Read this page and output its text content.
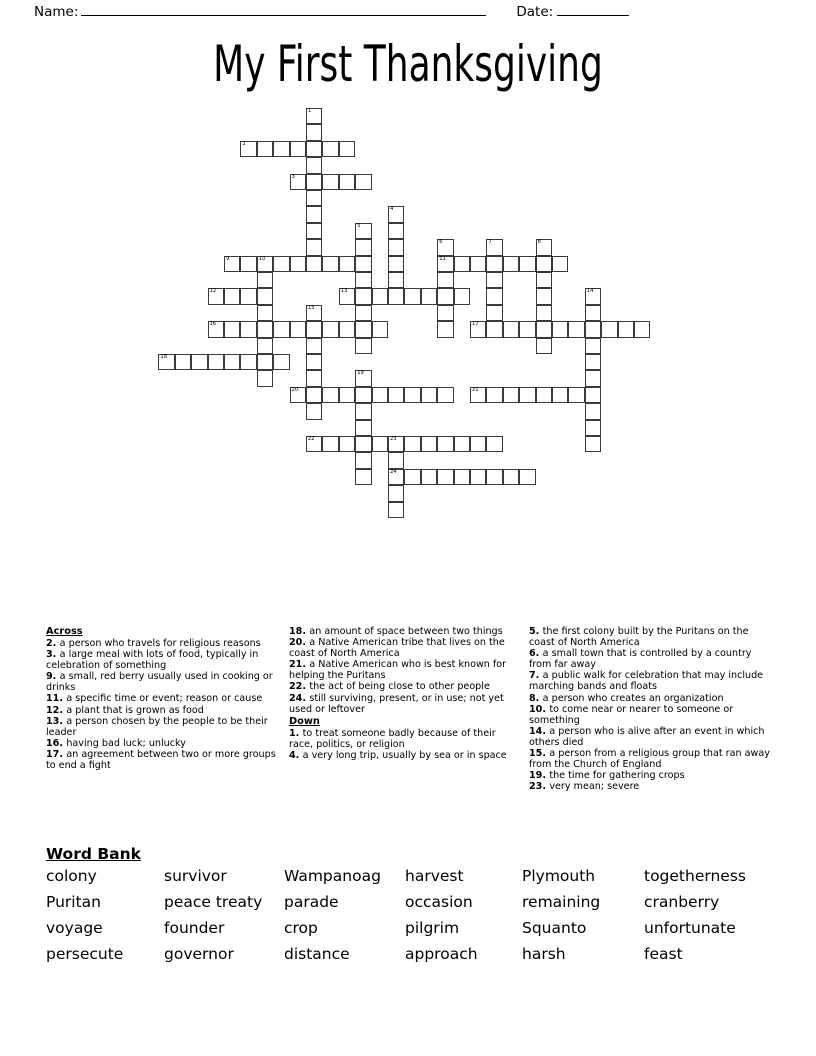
Name:	Date:
My First Thanksgiving
1
2
3
4
5
6
11
7	8
9	10
12	13	14
15
16	17
18
19
20	21
22	23
24
Across

2. a person who travels for religious reasons

3. a large meal with lots of food, typically in celebration of something

9. a small, red berry usually used in cooking or drinks

11. a specific time or event; reason or cause

12. a plant that is grown as food

13. a person chosen by the people to be their leader

16. having bad luck; unlucky

17. an agreement between two or more groups to end a fight

18. an amount of space between two things

20. a Native American tribe that lives on the coast of North America

21. a Native American who is best known for helping the Puritans

22. the act of being close to other people

24. still surviving, present, or in use; not yet used or leftover

Down

1. to treat someone badly because of their race, politics, or religion

4. a very long trip, usually by sea or in space

5. the first colony built by the Puritans on the coast of North America

6. a small town that is controlled by a country from far away

7. a public walk for celebration that may include marching bands and floats

8. a person who creates an organization

10. to come near or nearer to someone or something

14. a person who is alive after an event in which others died

15. a person from a religious group that ran away from the Church of England

19. the time for gathering crops

23. very mean; severe

Word Bank
colony	survivor	Wampanoag	harvest	Plymouth	togetherness
Puritan	peace treaty	parade	occasion	remaining	cranberry
voyage	founder	crop	pilgrim	Squanto	unfortunate
persecute	governor	distance	approach	harsh	feast
